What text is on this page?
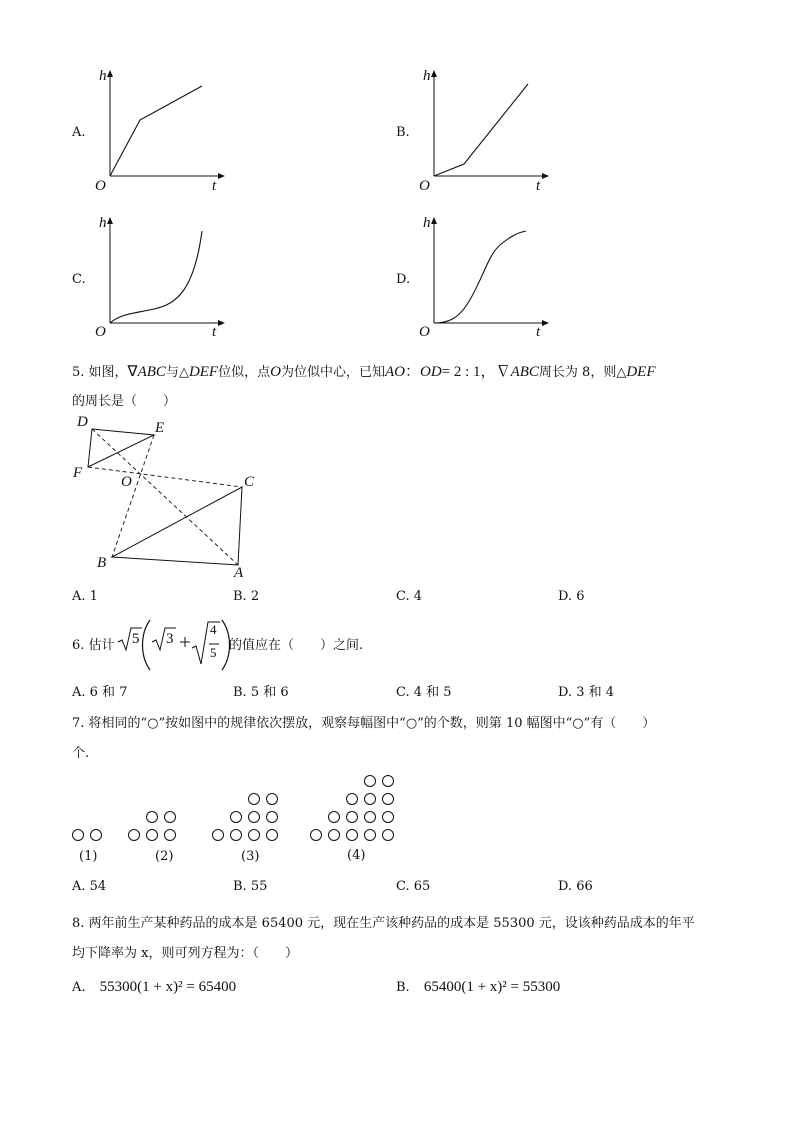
A.
h
t
O
B.
h
t
O
C.
h
t
O
D.
h
t
O
5. 如图，∇ABC与△DEF位似，点O为位似中心，已知AO：OD= 2 : 1，∇ABC周长为 8，则△DEF
的周长是（　　）
D	E
F
O	C
B
A
A. 1	B. 2	C. 4	D. 6
6. 估计 5 3
4
5 的值应在（　　）之间.
A. 6 和 7	B. 5 和 6	C. 4 和 5	D. 3 和 4
7. 将相同的“○”按如图中的规律依次摆放，观察每幅图中“○”的个数，则第 10 幅图中“○”有（　　）
个.
(1)	(2)	(3)	(4)
A. 54	B. 55	C. 65	D. 66
8. 两年前生产某种药品的成本是 65400 元，现在生产该种药品的成本是 55300 元，设该种药品成本的年平
均下降率为 x，则可列方程为：（　　）
A. 55300(1 + x)² = 65400	B. 65400(1 + x)² = 55300
